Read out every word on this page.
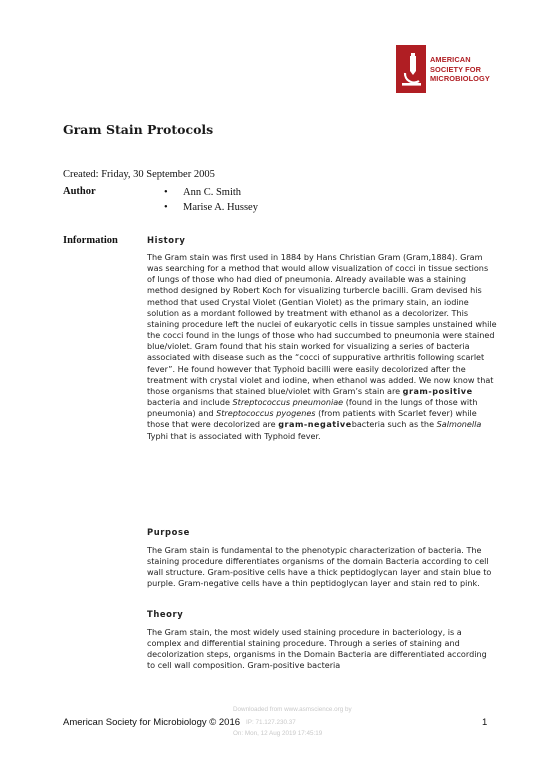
AMERICAN
SOCIETY FOR
MICROBIOLOGY
Gram Stain Protocols
Created: Friday, 30 September 2005
Author	• Ann C. Smith
• Marise A. Hussey
Information	History

The Gram stain was first used in 1884 by Hans Christian Gram (Gram,1884). Gram was searching for a method that would allow visualization of cocci in tissue sections of lungs of those who had died of pneumonia. Already available was a staining method designed by Robert Koch for visualizing turbercle bacilli. Gram devised his method that used Crystal Violet (Gentian Violet) as the primary stain, an iodine solution as a mordant followed by treatment with ethanol as a decolorizer. This staining procedure left the nuclei of eukaryotic cells in tissue samples unstained while the cocci found in the lungs of those who had succumbed to pneumonia were stained blue/violet. Gram found that his stain worked for visualizing a series of bacteria associated with disease such as the “cocci of suppurative arthritis following scarlet fever”. He found however that Typhoid bacilli were easily decolorized after the treatment with crystal violet and iodine, when ethanol was added. We now know that those organisms that stained blue/violet with Gram’s stain are gram-positive bacteria and include Streptococcus pneumoniae (found in the lungs of those with pneumonia) and Streptococcus pyogenes (from patients with Scarlet fever) while those that were decolorized are gram-negativebacteria such as the Salmonella Typhi that is associated with Typhoid fever.

Purpose

The Gram stain is fundamental to the phenotypic characterization of bacteria. The staining procedure differentiates organisms of the domain Bacteria according to cell wall structure. Gram-positive cells have a thick peptidoglycan layer and stain blue to purple. Gram-negative cells have a thin peptidoglycan layer and stain red to pink.

Theory

The Gram stain, the most widely used staining procedure in bacteriology, is a complex and differential staining procedure. Through a series of staining and decolorization steps, organisms in the Domain Bacteria are differentiated according to cell wall composition. Gram-positive bacteria

Downloaded from www.asmscience.org by
American Society for Microbiology © 2016 IP: 71.127.230.37	1
On: Mon, 12 Aug 2019 17:45:19
